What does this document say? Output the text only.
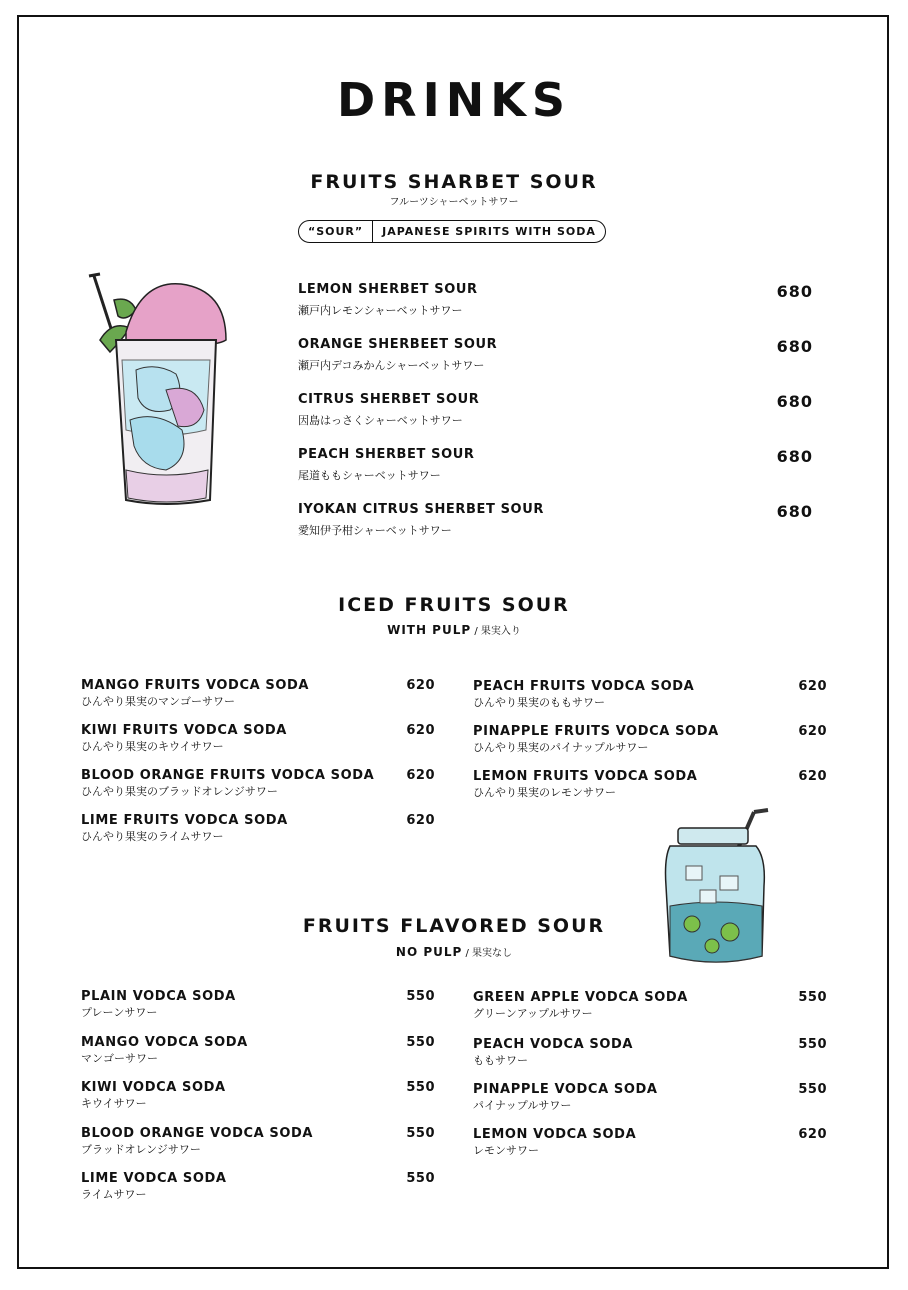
DRINKS
FRUITS SHARBET SOUR
フルーツシャーベットサワー
“SOUR”	JAPANESE SPIRITS WITH SODA
LEMON SHERBET SOUR
瀬戸内レモンシャーベットサワー
680
ORANGE SHERBEET SOUR
瀬戸内デコみかんシャーベットサワー
680
CITRUS SHERBET SOUR
因島はっさくシャーベットサワー
680
PEACH SHERBET SOUR
尾道ももシャーベットサワー
680
IYOKAN CITRUS SHERBET SOUR
愛知伊予柑シャーベットサワー
680
ICED FRUITS SOUR
WITH PULP / 果実入り
MANGO FRUITS VODCA SODA
ひんやり果実のマンゴーサワー
620
KIWI FRUITS VODCA SODA
ひんやり果実のキウイサワー
620
BLOOD ORANGE FRUITS VODCA SODA
ひんやり果実のブラッドオレンジサワー
620
LIME FRUITS VODCA SODA
ひんやり果実のライムサワー
620
PEACH FRUITS VODCA SODA
ひんやり果実のももサワー
620
PINAPPLE FRUITS VODCA SODA
ひんやり果実のパイナップルサワー
620
LEMON FRUITS VODCA SODA
ひんやり果実のレモンサワー
620
FRUITS FLAVORED SOUR
NO PULP / 果実なし
PLAIN VODCA SODA
プレーンサワー
550
MANGO VODCA SODA
マンゴーサワー
550
KIWI VODCA SODA
キウイサワー
550
BLOOD ORANGE VODCA SODA
ブラッドオレンジサワー
550
LIME VODCA SODA
ライムサワー
550
GREEN APPLE VODCA SODA
グリーンアップルサワー
550
PEACH VODCA SODA
ももサワー
550
PINAPPLE VODCA SODA
パイナップルサワー
550
LEMON VODCA SODA
レモンサワー
620
